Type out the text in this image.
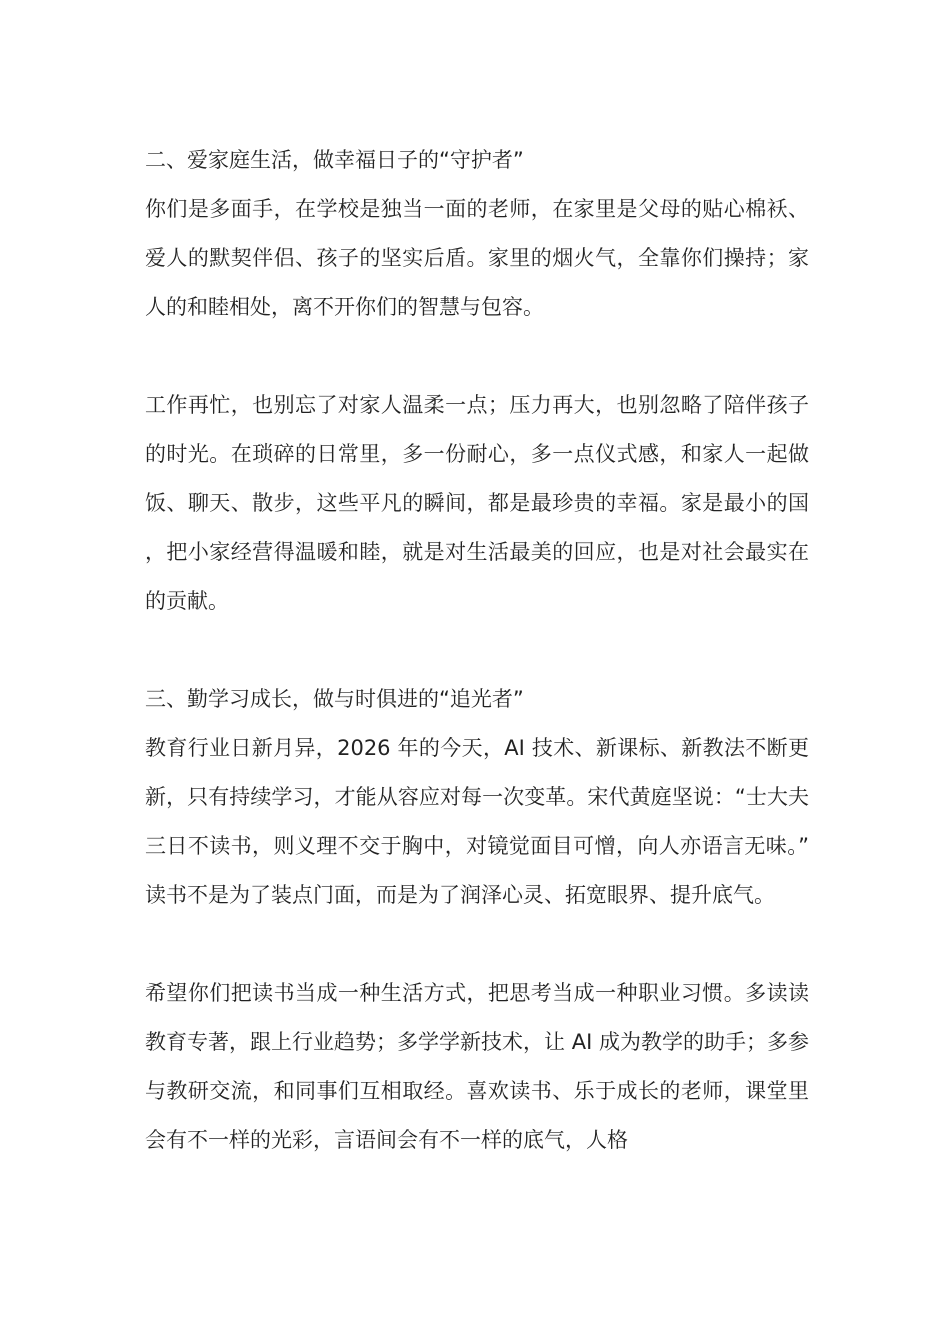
二、爱家庭生活，做幸福日子的“守护者”

你们是多面手，在学校是独当一面的老师，在家里是父母的贴心棉袄、爱人的默契伴侣、孩子的坚实后盾。家里的烟火气，全靠你们操持；家人的和睦相处，离不开你们的智慧与包容。

工作再忙，也别忘了对家人温柔一点；压力再大，也别忽略了陪伴孩子的时光。在琐碎的日常里，多一份耐心，多一点仪式感，和家人一起做饭、聊天、散步，这些平凡的瞬间，都是最珍贵的幸福。家是最小的国，把小家经营得温暖和睦，就是对生活最美的回应，也是对社会最实在的贡献。

三、勤学习成长，做与时俱进的“追光者”

教育行业日新月异，2026 年的今天，AI 技术、新课标、新教法不断更新，只有持续学习，才能从容应对每一次变革。宋代黄庭坚说：“士大夫三日不读书，则义理不交于胸中，对镜觉面目可憎，向人亦语言无味。” 读书不是为了装点门面，而是为了润泽心灵、拓宽眼界、提升底气。

希望你们把读书当成一种生活方式，把思考当成一种职业习惯。多读读教育专著，跟上行业趋势；多学学新技术，让 AI 成为教学的助手；多参与教研交流，和同事们互相取经。喜欢读书、乐于成长的老师，课堂里会有不一样的光彩，言语间会有不一样的底气，人格
